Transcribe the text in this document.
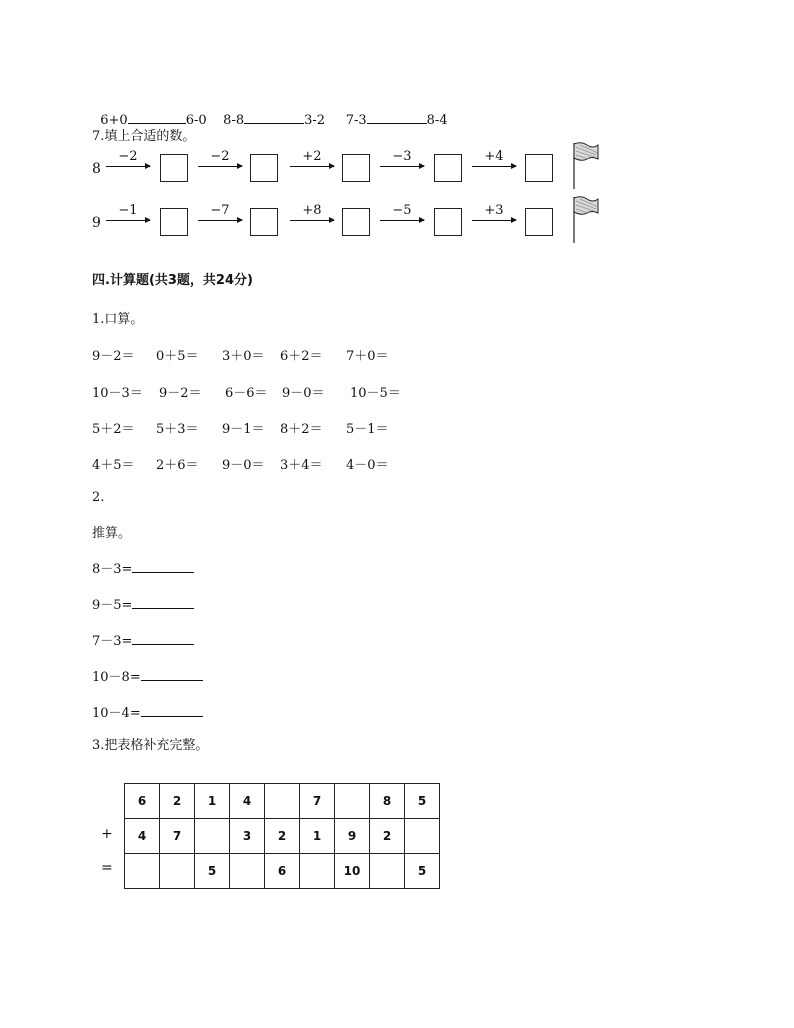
6+0	6-0 8-8	3-2 7-3	8-4

7.填上合适的数。
8
−2	−2	+2	−3	+4
9
−1	−7	+8	−5	+3
四.计算题(共3题，共24分)
1.口算。
9－2＝ 0＋5＝ 3＋0＝ 6＋2＝ 7＋0＝
10－3＝ 9－2＝ 6－6＝ 9－0＝ 10－5＝
5＋2＝ 5＋3＝ 9－1＝ 8＋2＝ 5－1＝
4＋5＝ 2＋6＝ 9－0＝ 3＋4＝ 4－0＝
2.
推算。
8－3=
9－5=
7－3=
10－8=
10－4=
3.把表格补充完整。
+
=
6	2	1	4		7		8	5
4	7		3	2	1	9	2	
		5		6		10		5
